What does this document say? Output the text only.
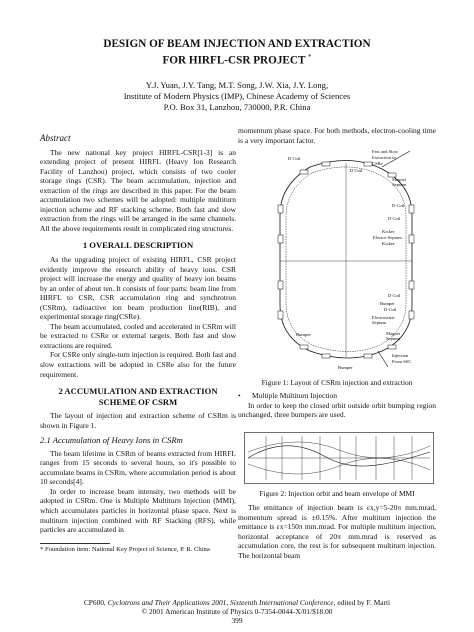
DESIGN OF BEAM INJECTION AND EXTRACTION
FOR HIRFL-CSR PROJECT *
Y.J. Yuan, J.Y. Tang, M.T. Song, J.W. Xia, J.Y. Long,
Institute of Modern Physics (IMP), Chinese Academy of Sciences
P.O. Box 31, Lanzhou, 730000, P.R. China
Abstract

The new national key project HIRFL-CSR[1-3] is an extending project of present HIRFL (Heavy Ion Research Facility of Lanzhou) project, which consists of two cooler storage rings (CSR). The beam accumulation, injection and extraction of the rings are described in this paper. For the beam accumulation two schemes will be adopted: multiple multiturn injection scheme and RF stacking scheme. Both fast and slow extraction from the rings will be arranged in the same channels. All the above requirements result in complicated ring structures.

1 OVERALL DESCRIPTION

As the upgrading project of existing HIRFL, CSR project evidently improve the research ability of heavy ions. CSR project will increase the energy and quality of heavy ion beams by an order of about ten. It consists of four parts: beam line from HIRFL to CSR, CSR accumulation ring and synchrotron (CSRm), radioactive ion beam production line(RIB), and experimental storage ring(CSRe).

The beam accumulated, cooled and accelerated in CSRm will be extracted to CSRe or external targets. Both fast and slow extractions are required.

For CSRe only single-turn injection is required. Both fast and slow extractions will be adopted in CSRe also for the future requirement.

2 ACCUMULATION AND EXTRACTION
SCHEME OF CSRM

The layout of injection and extraction scheme of CSRm is shown in Figure 1.

2.1 Accumulation of Heavy Ions in CSRm

The beam lifetime in CSRm of beams extracted from HIRFL ranges from 15 seconds to several hours, so it's possible to accumulate beams in CSRm, where accumulation period is about 10 seconds[4].

In order to increase beam intensity, two methods will be adopted in CSRm. One is Multiple Multiturn Injection (MMI), which accumulates particles in horizontal phase space. Next is multiturn injection combined with RF Stacking (RFS), while particles are accumulated in

* Foundation item: National Key Project of Science, P. R. China

momentum phase space. For both methods, electron-cooling time is a very important factor.

Fast and Slow
Extraction to
CSRe
D Coil
D Coil
Magnet
Septum
D Coil
D Coil
Kicker
Electro-Septum
Kicker
D Coil
Bumper
D Coil
Electrostatic
Septum
Bumper	Magnet
Septum
Bumper
Injection
From SSC
Figure 1: Layout of CSRm injection and extraction

• Multiple Multiturn Injection

In order to keep the closed orbit outside orbit bumping region unchanged, three bumpers are used.

Figure 2: Injection orbit and beam envelope of MMI

The emittance of injection beam is εx,y=5-20π mm.mrad, momentum spread is ±0.15%. After multiturn injection the emittance is εx=150π mm.mrad. For multiple multiturn injection, horizontal acceptance of 20π mm.mrad is reserved as accumulation core, the rest is for subsequent multiturn injection. The horizontal beam

CP600, Cyclotrons and Their Applications 2001, Sixteenth International Conference, edited by F. Marti
© 2001 American Institute of Physics 0-7354-0044-X/01/$18.00
399
